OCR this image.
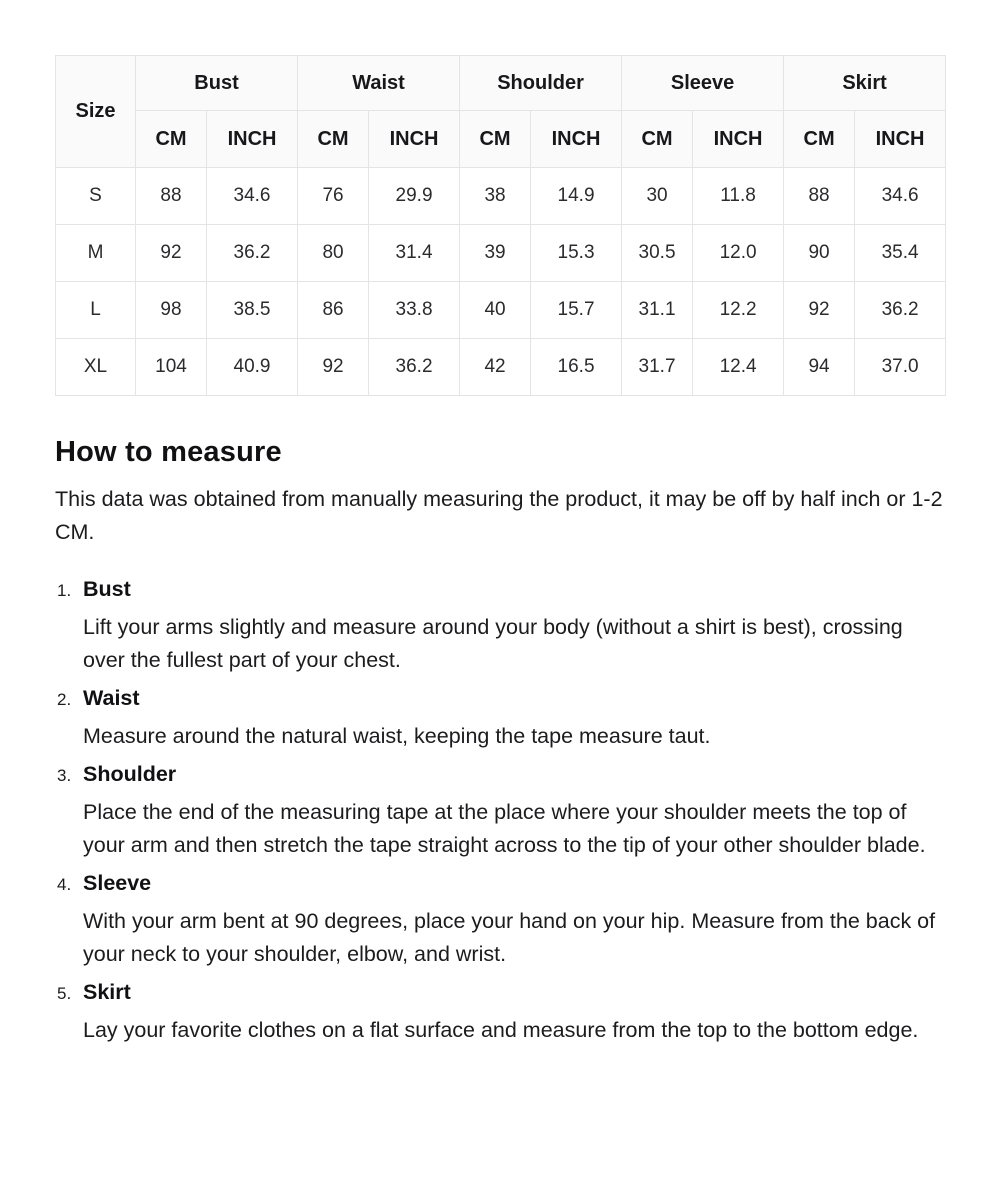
Size	Bust		Waist		Shoulder		Sleeve		Skirt	
	CM	INCH	CM	INCH	CM	INCH	CM	INCH	CM	INCH
S	88	34.6	76	29.9	38	14.9	30	11.8	88	34.6
M	92	36.2	80	31.4	39	15.3	30.5	12.0	90	35.4
L	98	38.5	86	33.8	40	15.7	31.1	12.2	92	36.2
XL	104	40.9	92	36.2	42	16.5	31.7	12.4	94	37.0
How to measure

This data was obtained from manually measuring the product, it may be off by half inch or 1-2 CM.

1. Bust

Lift your arms slightly and measure around your body (without a shirt is best), crossing over the fullest part of your chest.

2. Waist

Measure around the natural waist, keeping the tape measure taut.

3. Shoulder

Place the end of the measuring tape at the place where your shoulder meets the top of your arm and then stretch the tape straight across to the tip of your other shoulder blade.

4. Sleeve

With your arm bent at 90 degrees, place your hand on your hip. Measure from the back of your neck to your shoulder, elbow, and wrist.

5. Skirt

Lay your favorite clothes on a flat surface and measure from the top to the bottom edge.
